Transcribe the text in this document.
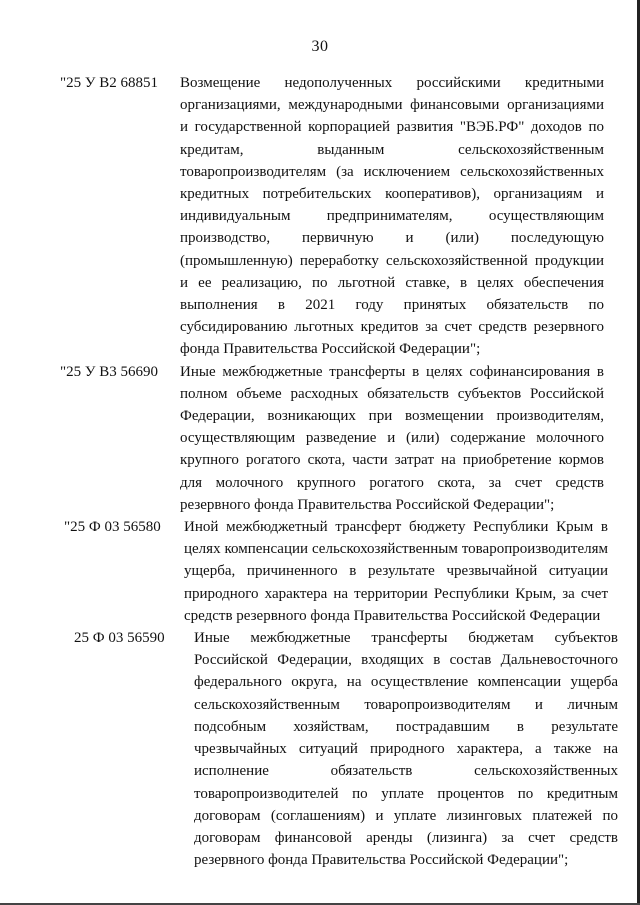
30
"25 У В2 68851	Возмещение недополученных российскими кредитными организациями, международными финансовыми организациями и государственной корпорацией развития "ВЭБ.РФ" доходов по кредитам, выданным сельскохозяйственным товаропроизводителям (за исключением сельскохозяйственных кредитных потребительских кооперативов), организациям и индивидуальным предпринимателям, осуществляющим производство, первичную и (или) последующую (промышленную) переработку сельскохозяйственной продукции и ее реализацию, по льготной ставке, в целях обеспечения выполнения в 2021 году принятых обязательств по субсидированию льготных кредитов за счет средств резервного фонда Правительства Российской Федерации";
"25 У В3 56690	Иные межбюджетные трансферты в целях софинансирования в полном объеме расходных обязательств субъектов Российской Федерации, возникающих при возмещении производителям, осуществляющим разведение и (или) содержание молочного крупного рогатого скота, части затрат на приобретение кормов для молочного крупного рогатого скота, за счет средств резервного фонда Правительства Российской Федерации";
"25 Ф 03 56580	Иной межбюджетный трансферт бюджету Республики Крым в целях компенсации сельскохозяйственным товаропроизводителям ущерба, причиненного в результате чрезвычайной ситуации природного характера на территории Республики Крым, за счет средств резервного фонда Правительства Российской Федерации
25 Ф 03 56590	Иные межбюджетные трансферты бюджетам субъектов Российской Федерации, входящих в состав Дальневосточного федерального округа, на осуществление компенсации ущерба сельскохозяйственным товаропроизводителям и личным подсобным хозяйствам, пострадавшим в результате чрезвычайных ситуаций природного характера, а также на исполнение обязательств сельскохозяйственных товаропроизводителей по уплате процентов по кредитным договорам (соглашениям) и уплате лизинговых платежей по договорам финансовой аренды (лизинга) за счет средств резервного фонда Правительства Российской Федерации";
